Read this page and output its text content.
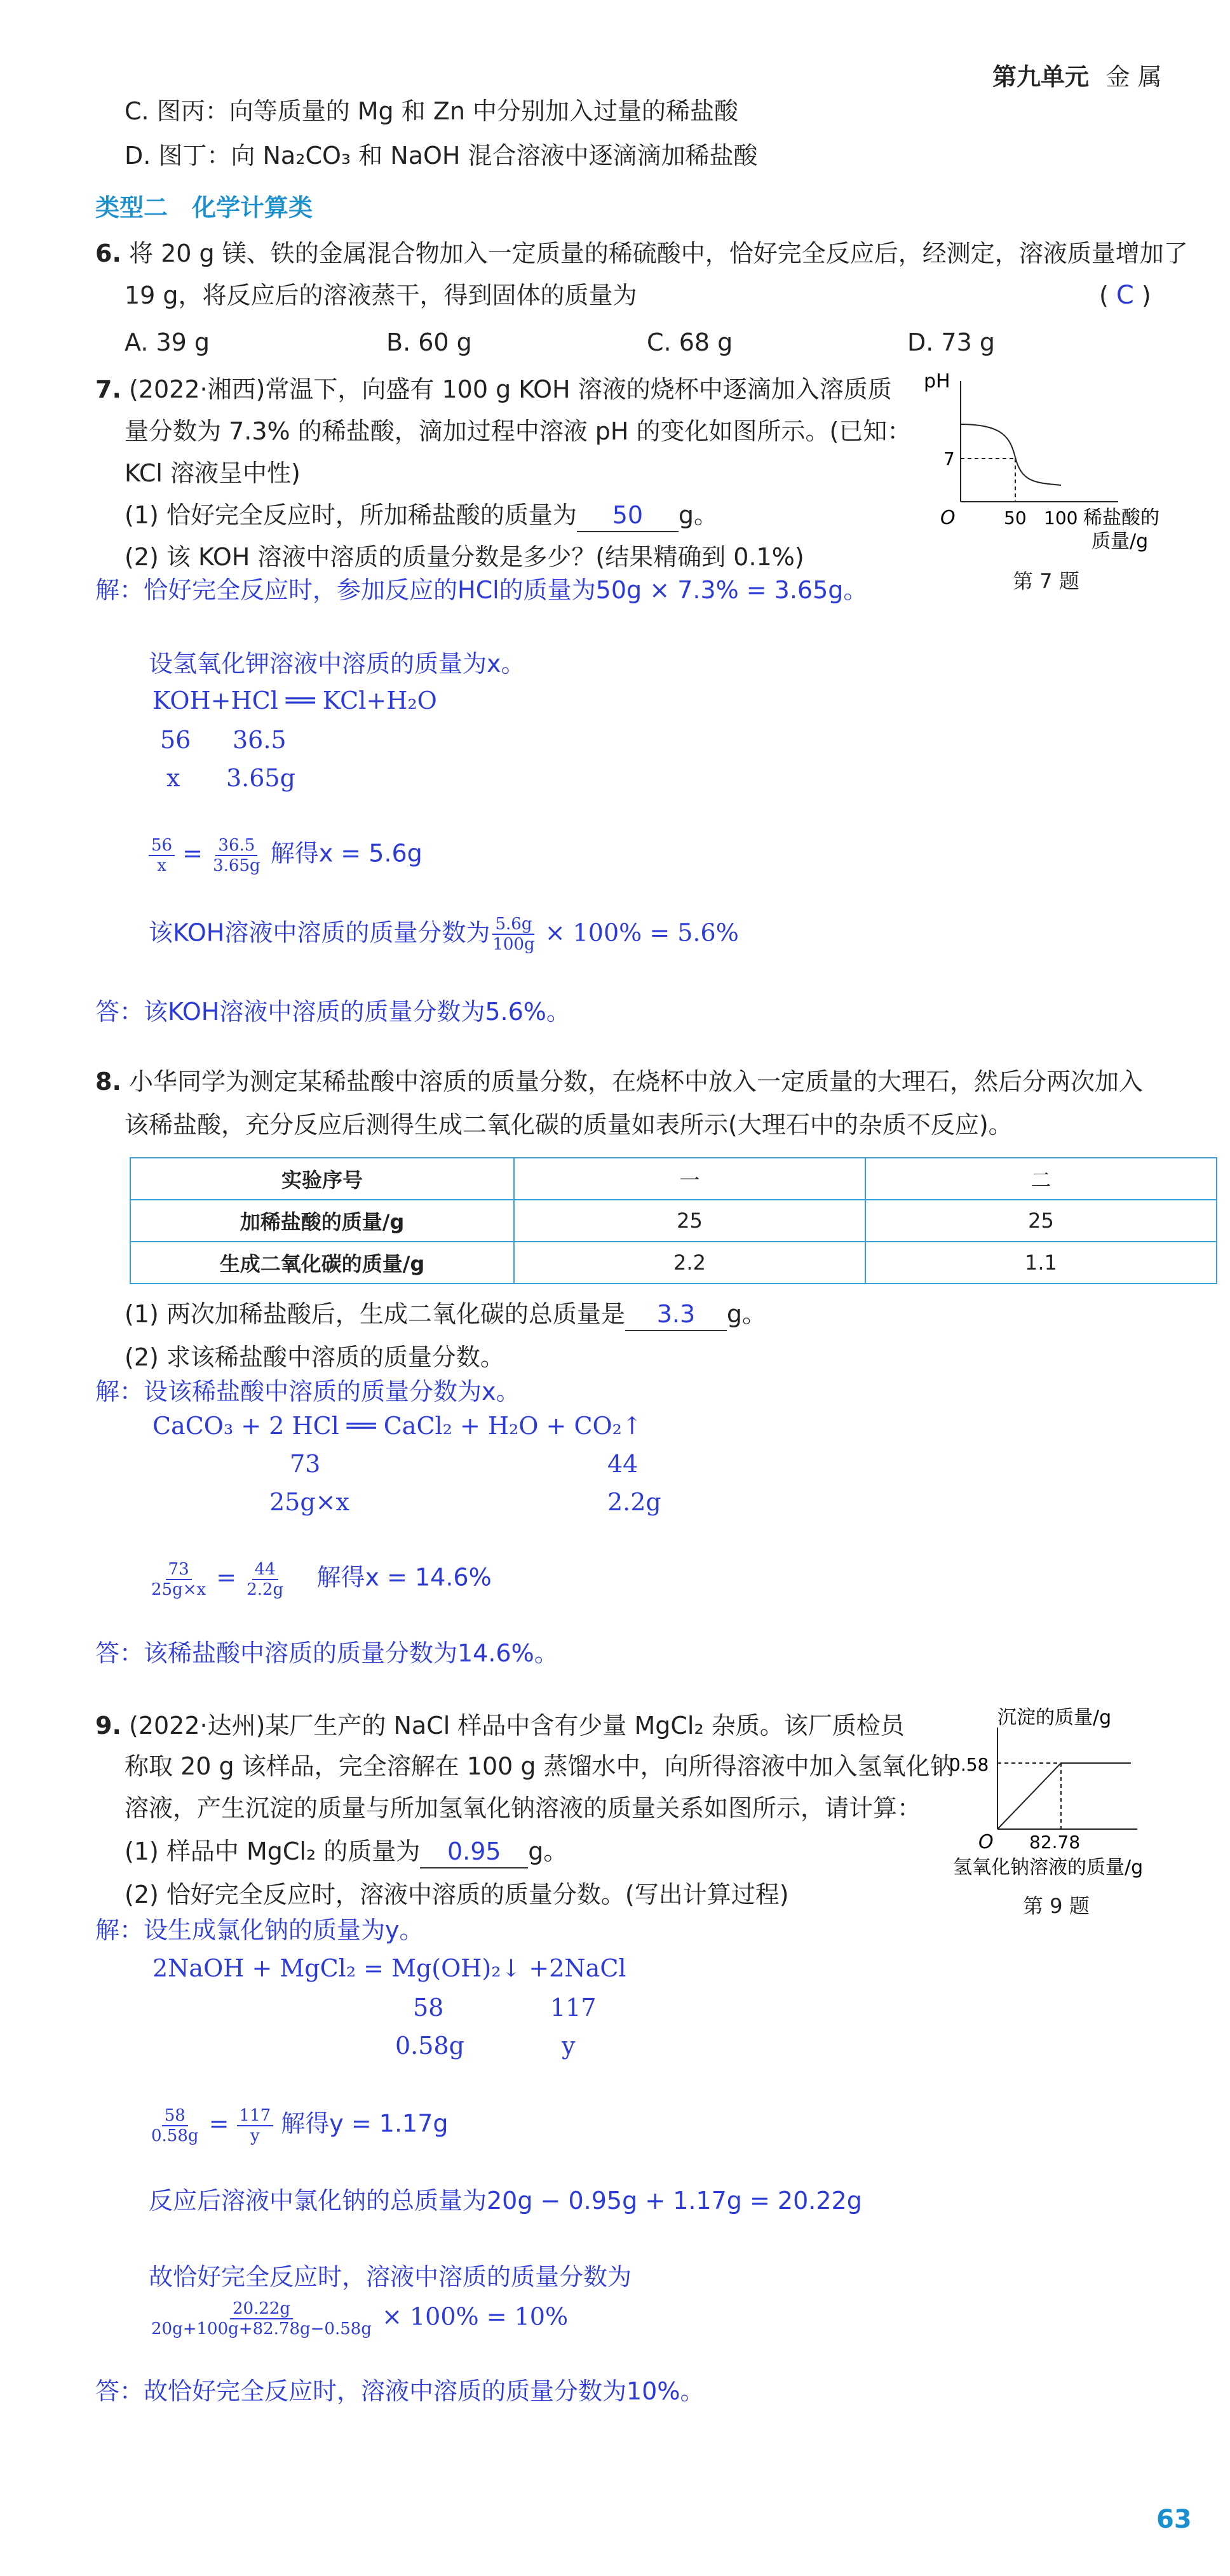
第九单元 金 属
C. 图丙：向等质量的 Mg 和 Zn 中分别加入过量的稀盐酸
D. 图丁：向 Na₂CO₃ 和 NaOH 混合溶液中逐滴滴加稀盐酸
类型二　化学计算类
6. 将 20 g 镁、铁的金属混合物加入一定质量的稀硫酸中，恰好完全反应后，经测定，溶液质量增加了
19 g，将反应后的溶液蒸干，得到固体的质量为	( C )
A. 39 g	B. 60 g	C. 68 g	D. 73 g
7. (2022·湘西)常温下，向盛有 100 g KOH 溶液的烧杯中逐滴加入溶质质
量分数为 7.3% 的稀盐酸，滴加过程中溶液 pH 的变化如图所示。(已知：
KCl 溶液呈中性)
(1) 恰好完全反应时，所加稀盐酸的质量为 50 g。
(2) 该 KOH 溶液中溶质的质量分数是多少？(结果精确到 0.1%)
pH
7
O	50 100 稀盐酸的
质量/g
第 7 题
解：恰好完全反应时，参加反应的HCl的质量为50g × 7.3% = 3.65g。
设氢氧化钾溶液中溶质的质量为x。
KOH+HCl ══ KCl+H₂O
56 36.5
x 3.65g
$\frac{56}{x} = \frac{36.5}{3.65g}$ 解得x = 5.6g
该KOH溶液中溶质的质量分数为 $\frac{5.6g}{100g} \times 100\% = 5.6\%$
答：该KOH溶液中溶质的质量分数为5.6%。
8. 小华同学为测定某稀盐酸中溶质的质量分数，在烧杯中放入一定质量的大理石，然后分两次加入
该稀盐酸，充分反应后测得生成二氧化碳的质量如表所示(大理石中的杂质不反应)。
实验序号	一	二
加稀盐酸的质量/g	25	25
生成二氧化碳的质量/g	2.2	1.1
(1) 两次加稀盐酸后，生成二氧化碳的总质量是 3.3 g。
(2) 求该稀盐酸中溶质的质量分数。
解：设该稀盐酸中溶质的质量分数为x。
CaCO₃ + 2 HCl ══ CaCl₂ + H₂O + CO₂↑
73	44
25g×x	2.2g
$\frac{73}{25g\times x} = \frac{44}{2.2g}$ 解得x = 14.6%
答：该稀盐酸中溶质的质量分数为14.6%。
9. (2022·达州)某厂生产的 NaCl 样品中含有少量 MgCl₂ 杂质。该厂质检员
称取 20 g 该样品，完全溶解在 100 g 蒸馏水中，向所得溶液中加入氢氧化钠
溶液，产生沉淀的质量与所加氢氧化钠溶液的质量关系如图所示，请计算：
(1) 样品中 MgCl₂ 的质量为 0.95 g。
(2) 恰好完全反应时，溶液中溶质的质量分数。(写出计算过程)
沉淀的质量/g
0.58
O 82.78
氢氧化钠溶液的质量/g
第 9 题
解：设生成氯化钠的质量为y。
2NaOH + MgCl₂ = Mg(OH)₂↓ +2NaCl
58	117
0.58g	y
$\frac{58}{0.58g} = \frac{117}{y}$ 解得y = 1.17g
反应后溶液中氯化钠的总质量为20g − 0.95g + 1.17g = 20.22g
故恰好完全反应时，溶液中溶质的质量分数为
$\frac{20.22g}{20g+100g+82.78g-0.58g} \times 100\% = 10\%$
答：故恰好完全反应时，溶液中溶质的质量分数为10%。
63
